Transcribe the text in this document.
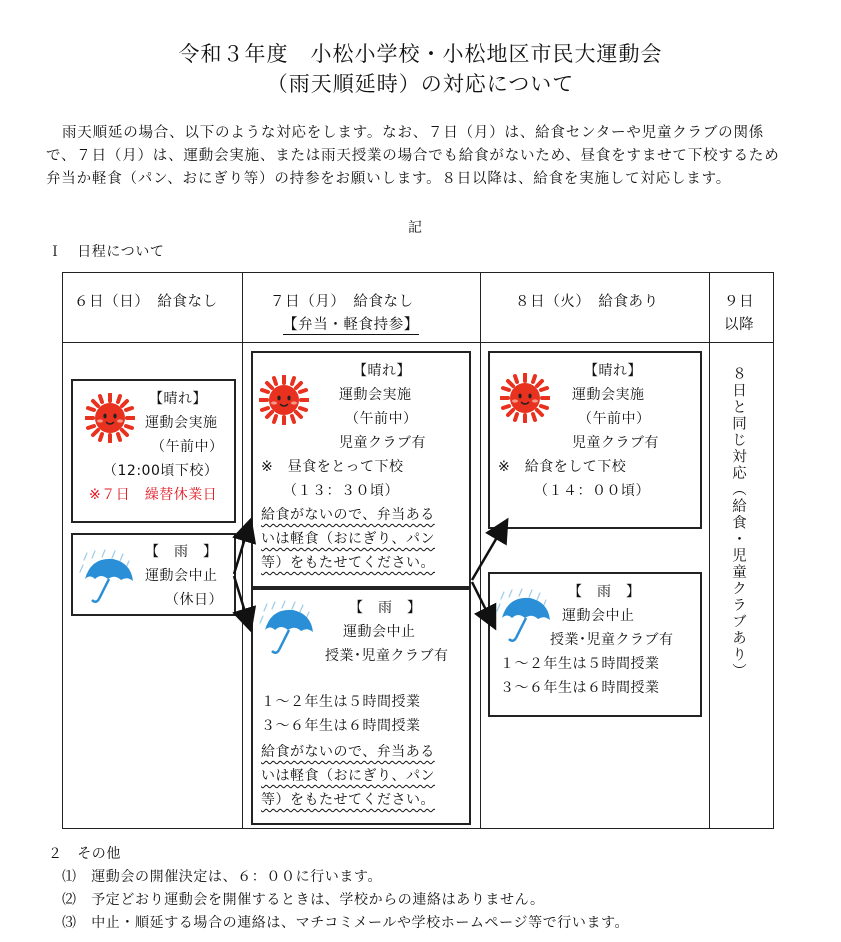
令和３年度　小松小学校・小松地区市民大運動会
（雨天順延時）の対応について
雨天順延の場合、以下のような対応をします。なお、７日（月）は、給食センターや児童クラブの関係で、７日（月）は、運動会実施、または雨天授業の場合でも給食がないため、昼食をすませて下校するため弁当か軽食（パン、おにぎり等）の持参をお願いします。８日以降は、給食を実施して対応します。
記
Ｉ　日程について
６日（日）　給食なし	７日（月）　給食なし
【弁当・軽食持参】
８日（火）　給食あり	９日
以降
【晴れ】
運動会実施
（午前中）
（12:00頃下校）
※７日　繰替休業日
【　雨　】
運動会中止
（休日）
【晴れ】
運動会実施
（午前中）
児童クラブ有
※　昼食をとって下校
（１３：３０頃）
給食がないので、弁当ある
いは軽食（おにぎり、パン
等）をもたせてください。
【　雨　】
運動会中止
授業･児童クラブ有
１～２年生は５時間授業
３～６年生は６時間授業
給食がないので、弁当ある
いは軽食（おにぎり、パン
等）をもたせてください。
【晴れ】
運動会実施
（午前中）
児童クラブ有
※　給食をして下校
（１４：００頃）
【　雨　】
運動会中止
授業･児童クラブ有
１～２年生は５時間授業
３～６年生は６時間授業
８日と同じ対応（給食・児童クラブあり）
２　その他
⑴　運動会の開催決定は、６：００に行います。
⑵　予定どおり運動会を開催するときは、学校からの連絡はありません。
⑶　中止・順延する場合の連絡は、マチコミメールや学校ホームページ等で行います。
